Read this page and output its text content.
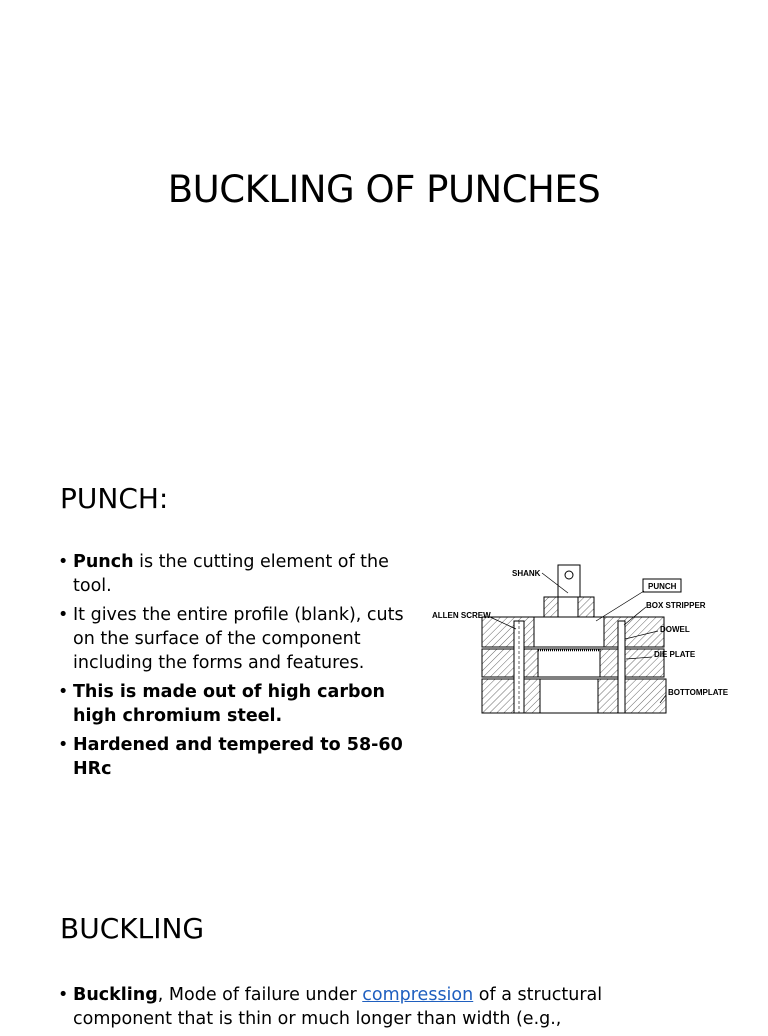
BUCKLING OF PUNCHES
PUNCH:
• Punch is the cutting element of the tool.
• It gives the entire profile (blank), cuts on the surface of the component including the forms and features.
• This is made out of high carbon high chromium steel.
• Hardened and tempered to 58-60 HRc
SHANK
PUNCH
BOX STRIPPER
ALLEN SCREW
DOWEL
DIE PLATE
BOTTOMPLATE
BUCKLING
• Buckling, Mode of failure under compression of a structural component that is thin or much longer than width (e.g.,
